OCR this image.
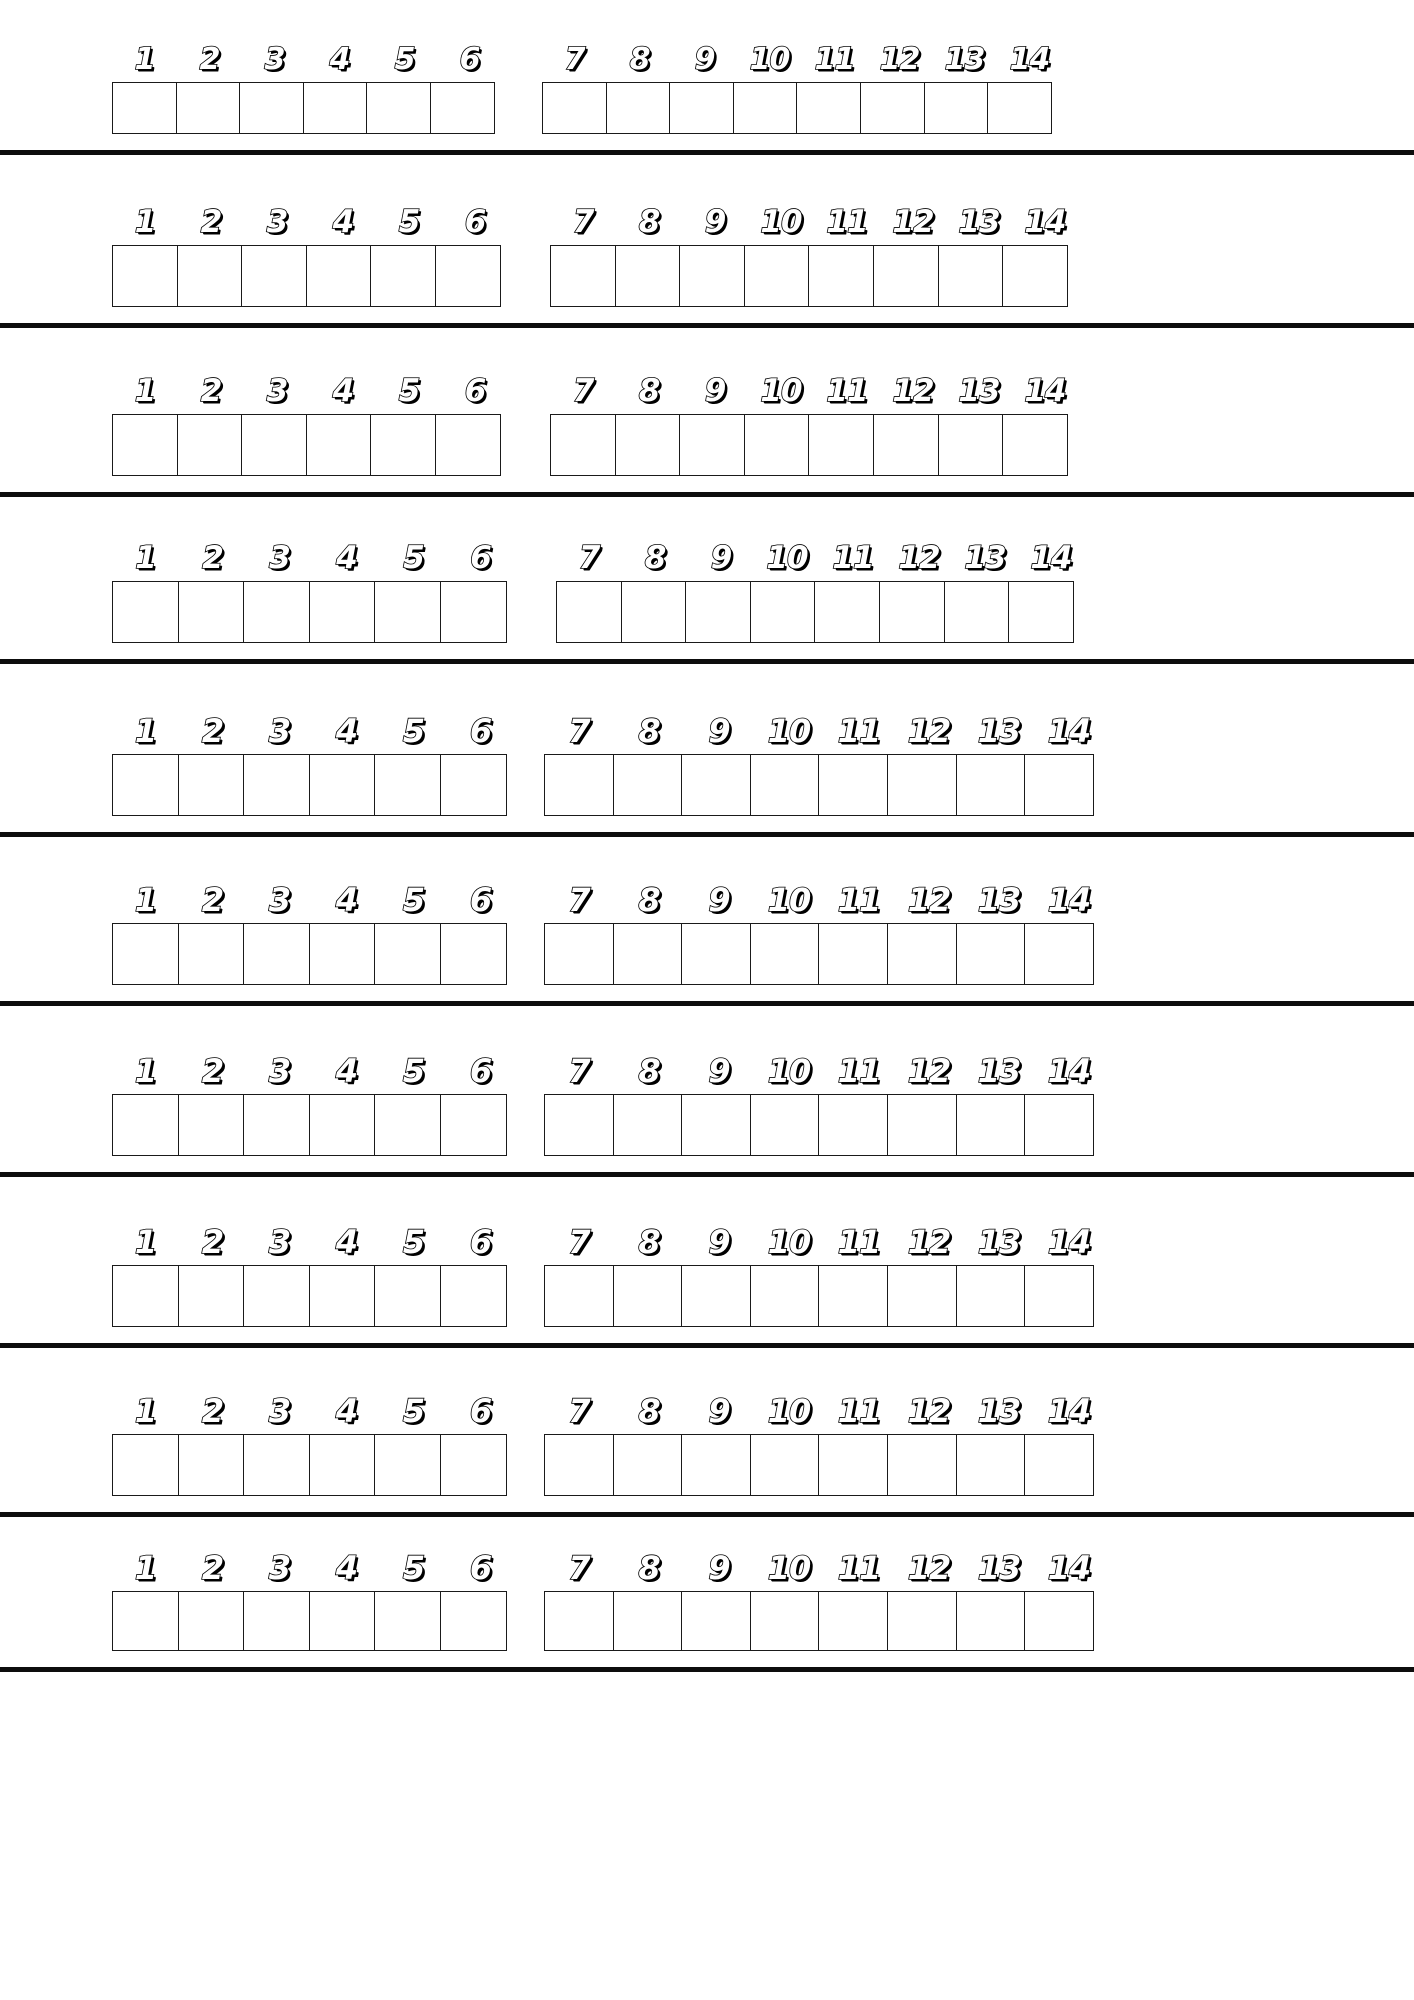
1	2	3	4	5	6	7	8	9	10 11 12 13 14
1	2	3	4	5	6	7	8	9	10 11 12 13 14
1	2	3	4	5	6	7	8	9	10 11 12 13 14
1	2	3	4	5	6	7	8	9	10 11 12 13 14
1	2	3	4	5	6	7	8	9	10 11 12 13 14
1	2	3	4	5	6	7	8	9	10 11 12 13 14
1	2	3	4	5	6	7	8	9	10 11 12 13 14
1	2	3	4	5	6	7	8	9	10 11 12 13 14
1	2	3	4	5	6	7	8	9	10 11 12 13 14
1	2	3	4	5	6	7	8	9	10 11 12 13 14
